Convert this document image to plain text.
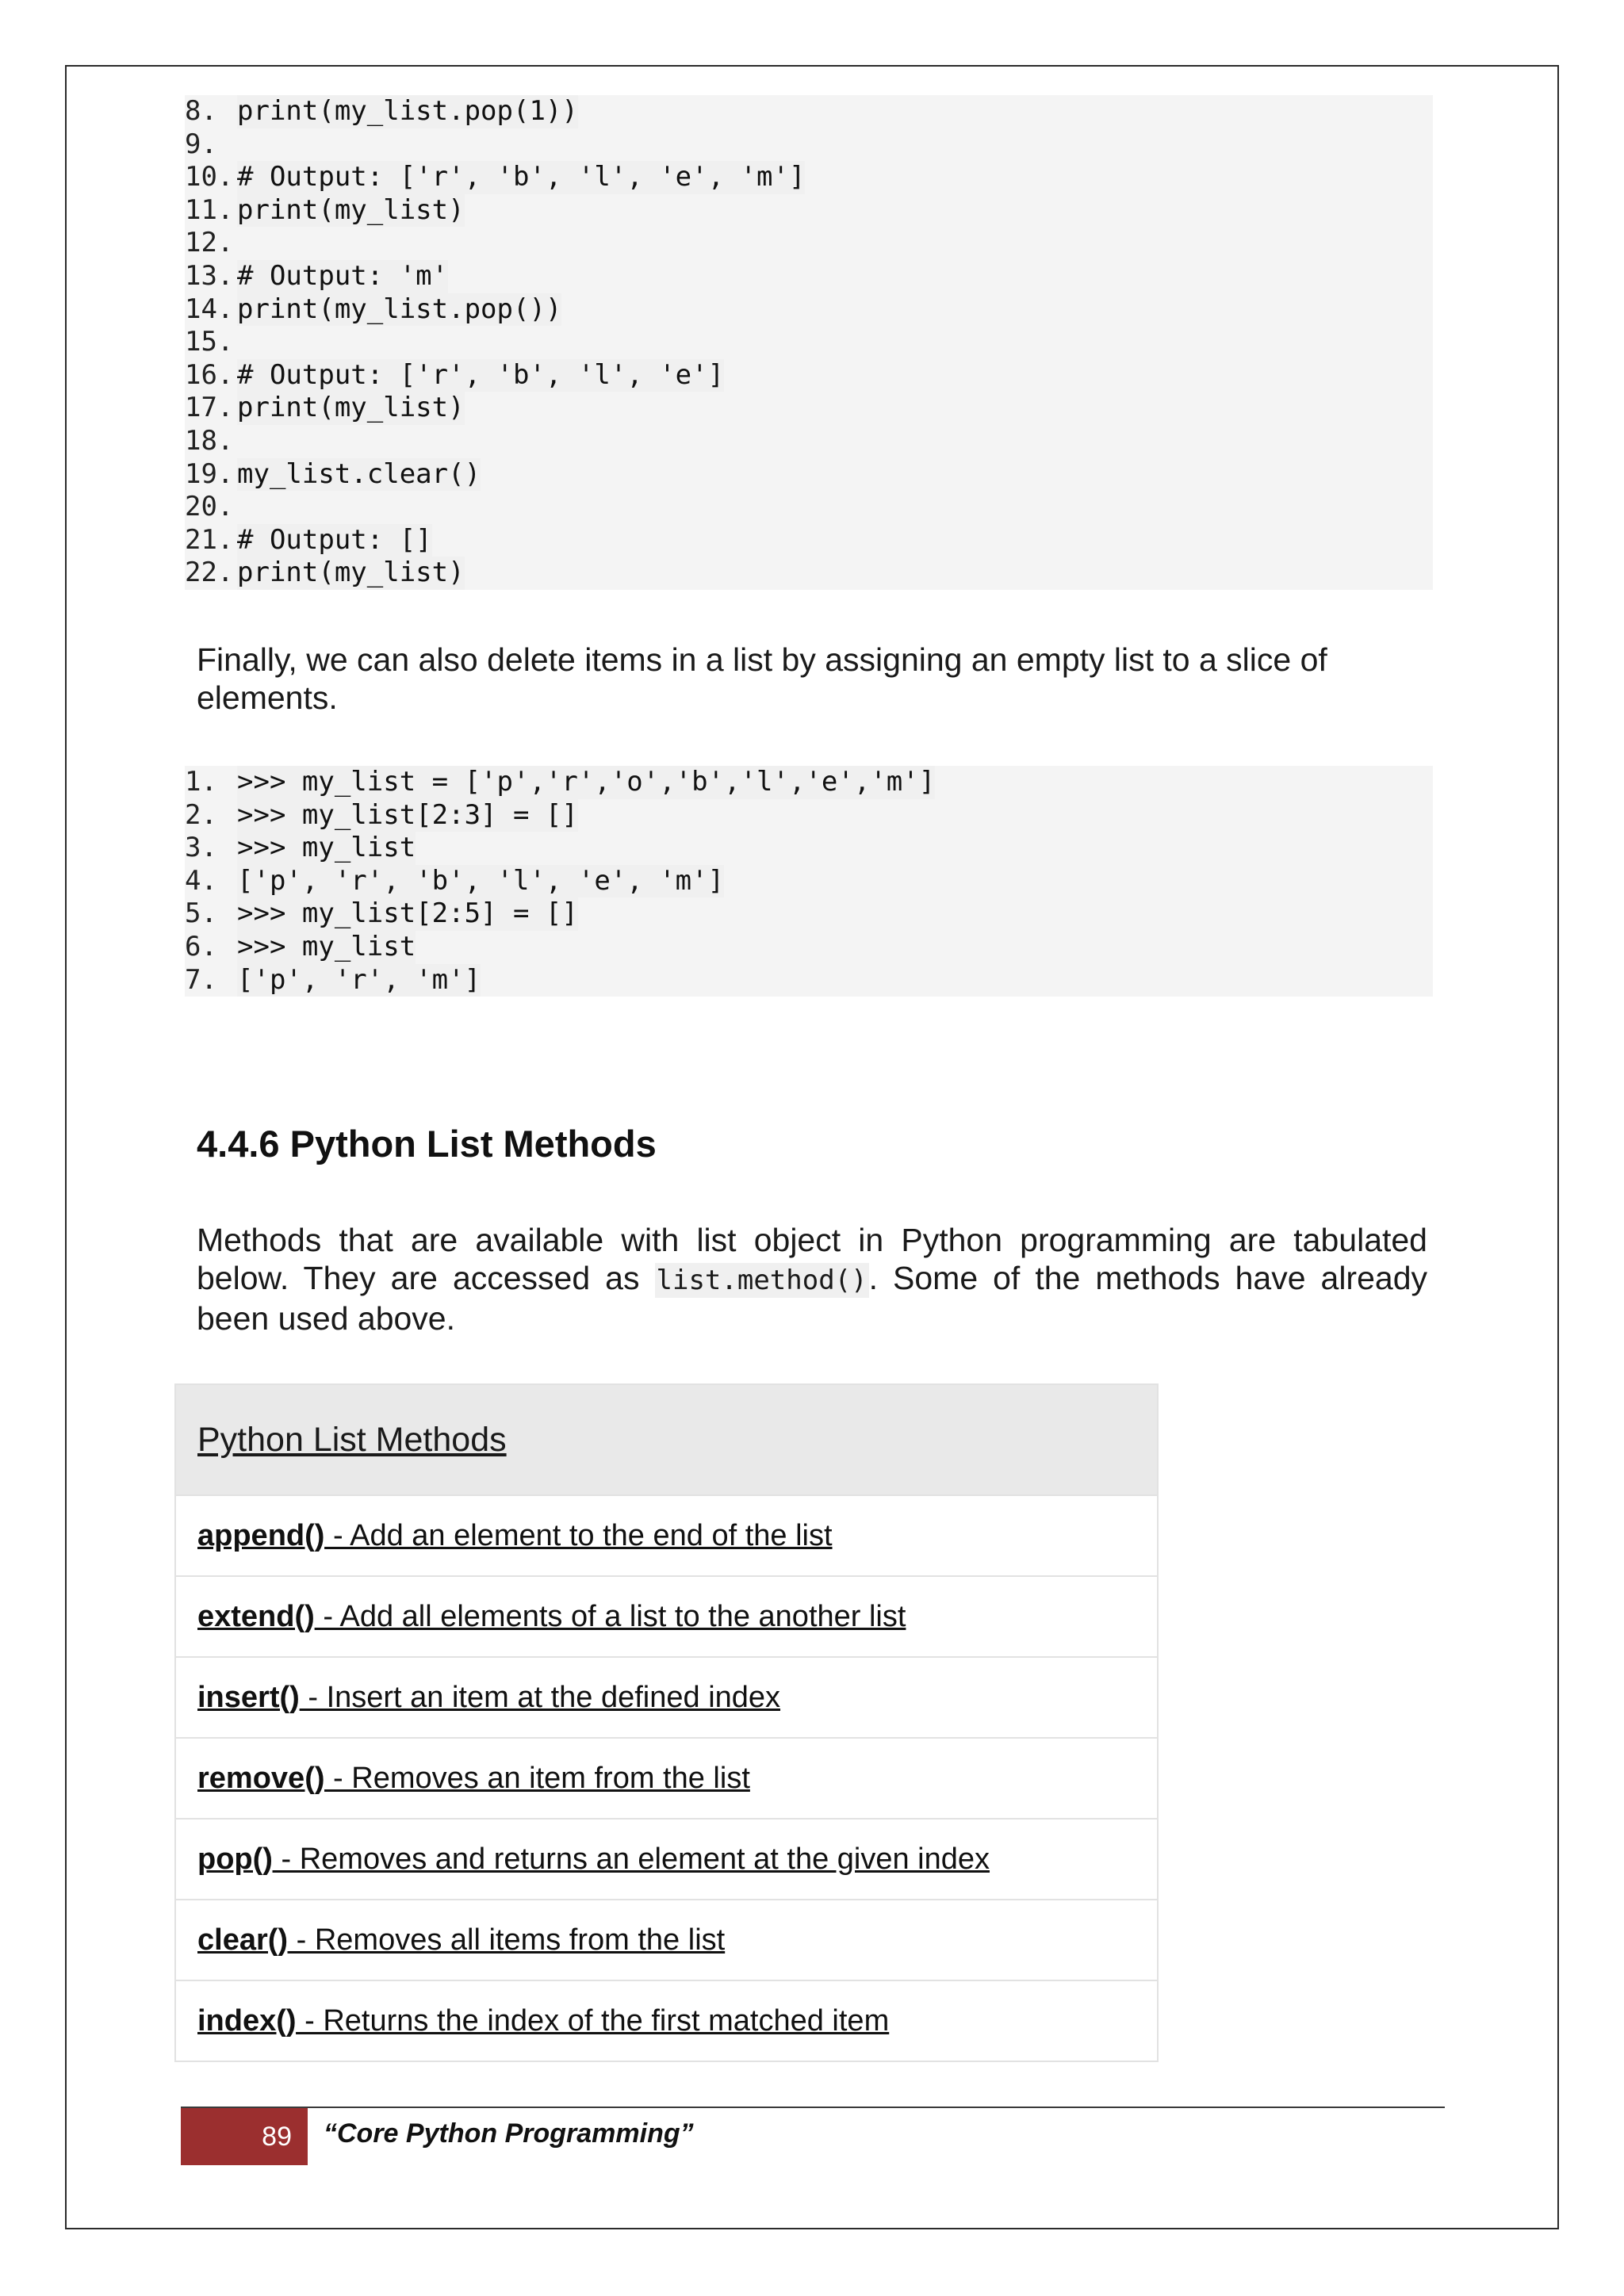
8. print(my_list.pop(1))
9.
10. # Output: ['r', 'b', 'l', 'e', 'm']
11. print(my_list)
12.
13. # Output: 'm'
14. print(my_list.pop())
15.
16. # Output: ['r', 'b', 'l', 'e']
17. print(my_list)
18.
19. my_list.clear()
20.
21. # Output: []
22. print(my_list)

Finally, we can also delete items in a list by assigning an empty list to a slice of elements.

1. >>> my_list = ['p','r','o','b','l','e','m']
2. >>> my_list[2:3] = []
3. >>> my_list
4. ['p', 'r', 'b', 'l', 'e', 'm']
5. >>> my_list[2:5] = []
6. >>> my_list
7. ['p', 'r', 'm']
4.4.6 Python List Methods

Methods that are available with list object in Python programming are tabulated below. They are accessed as list.method(). Some of the methods have already been used above.

Python List Methods
append() - Add an element to the end of the list
extend() - Add all elements of a list to the another list
insert() - Insert an item at the defined index
remove() - Removes an item from the list
pop() - Removes and returns an element at the given index
clear() - Removes all items from the list
index() - Returns the index of the first matched item
89	“Core Python Programming”
